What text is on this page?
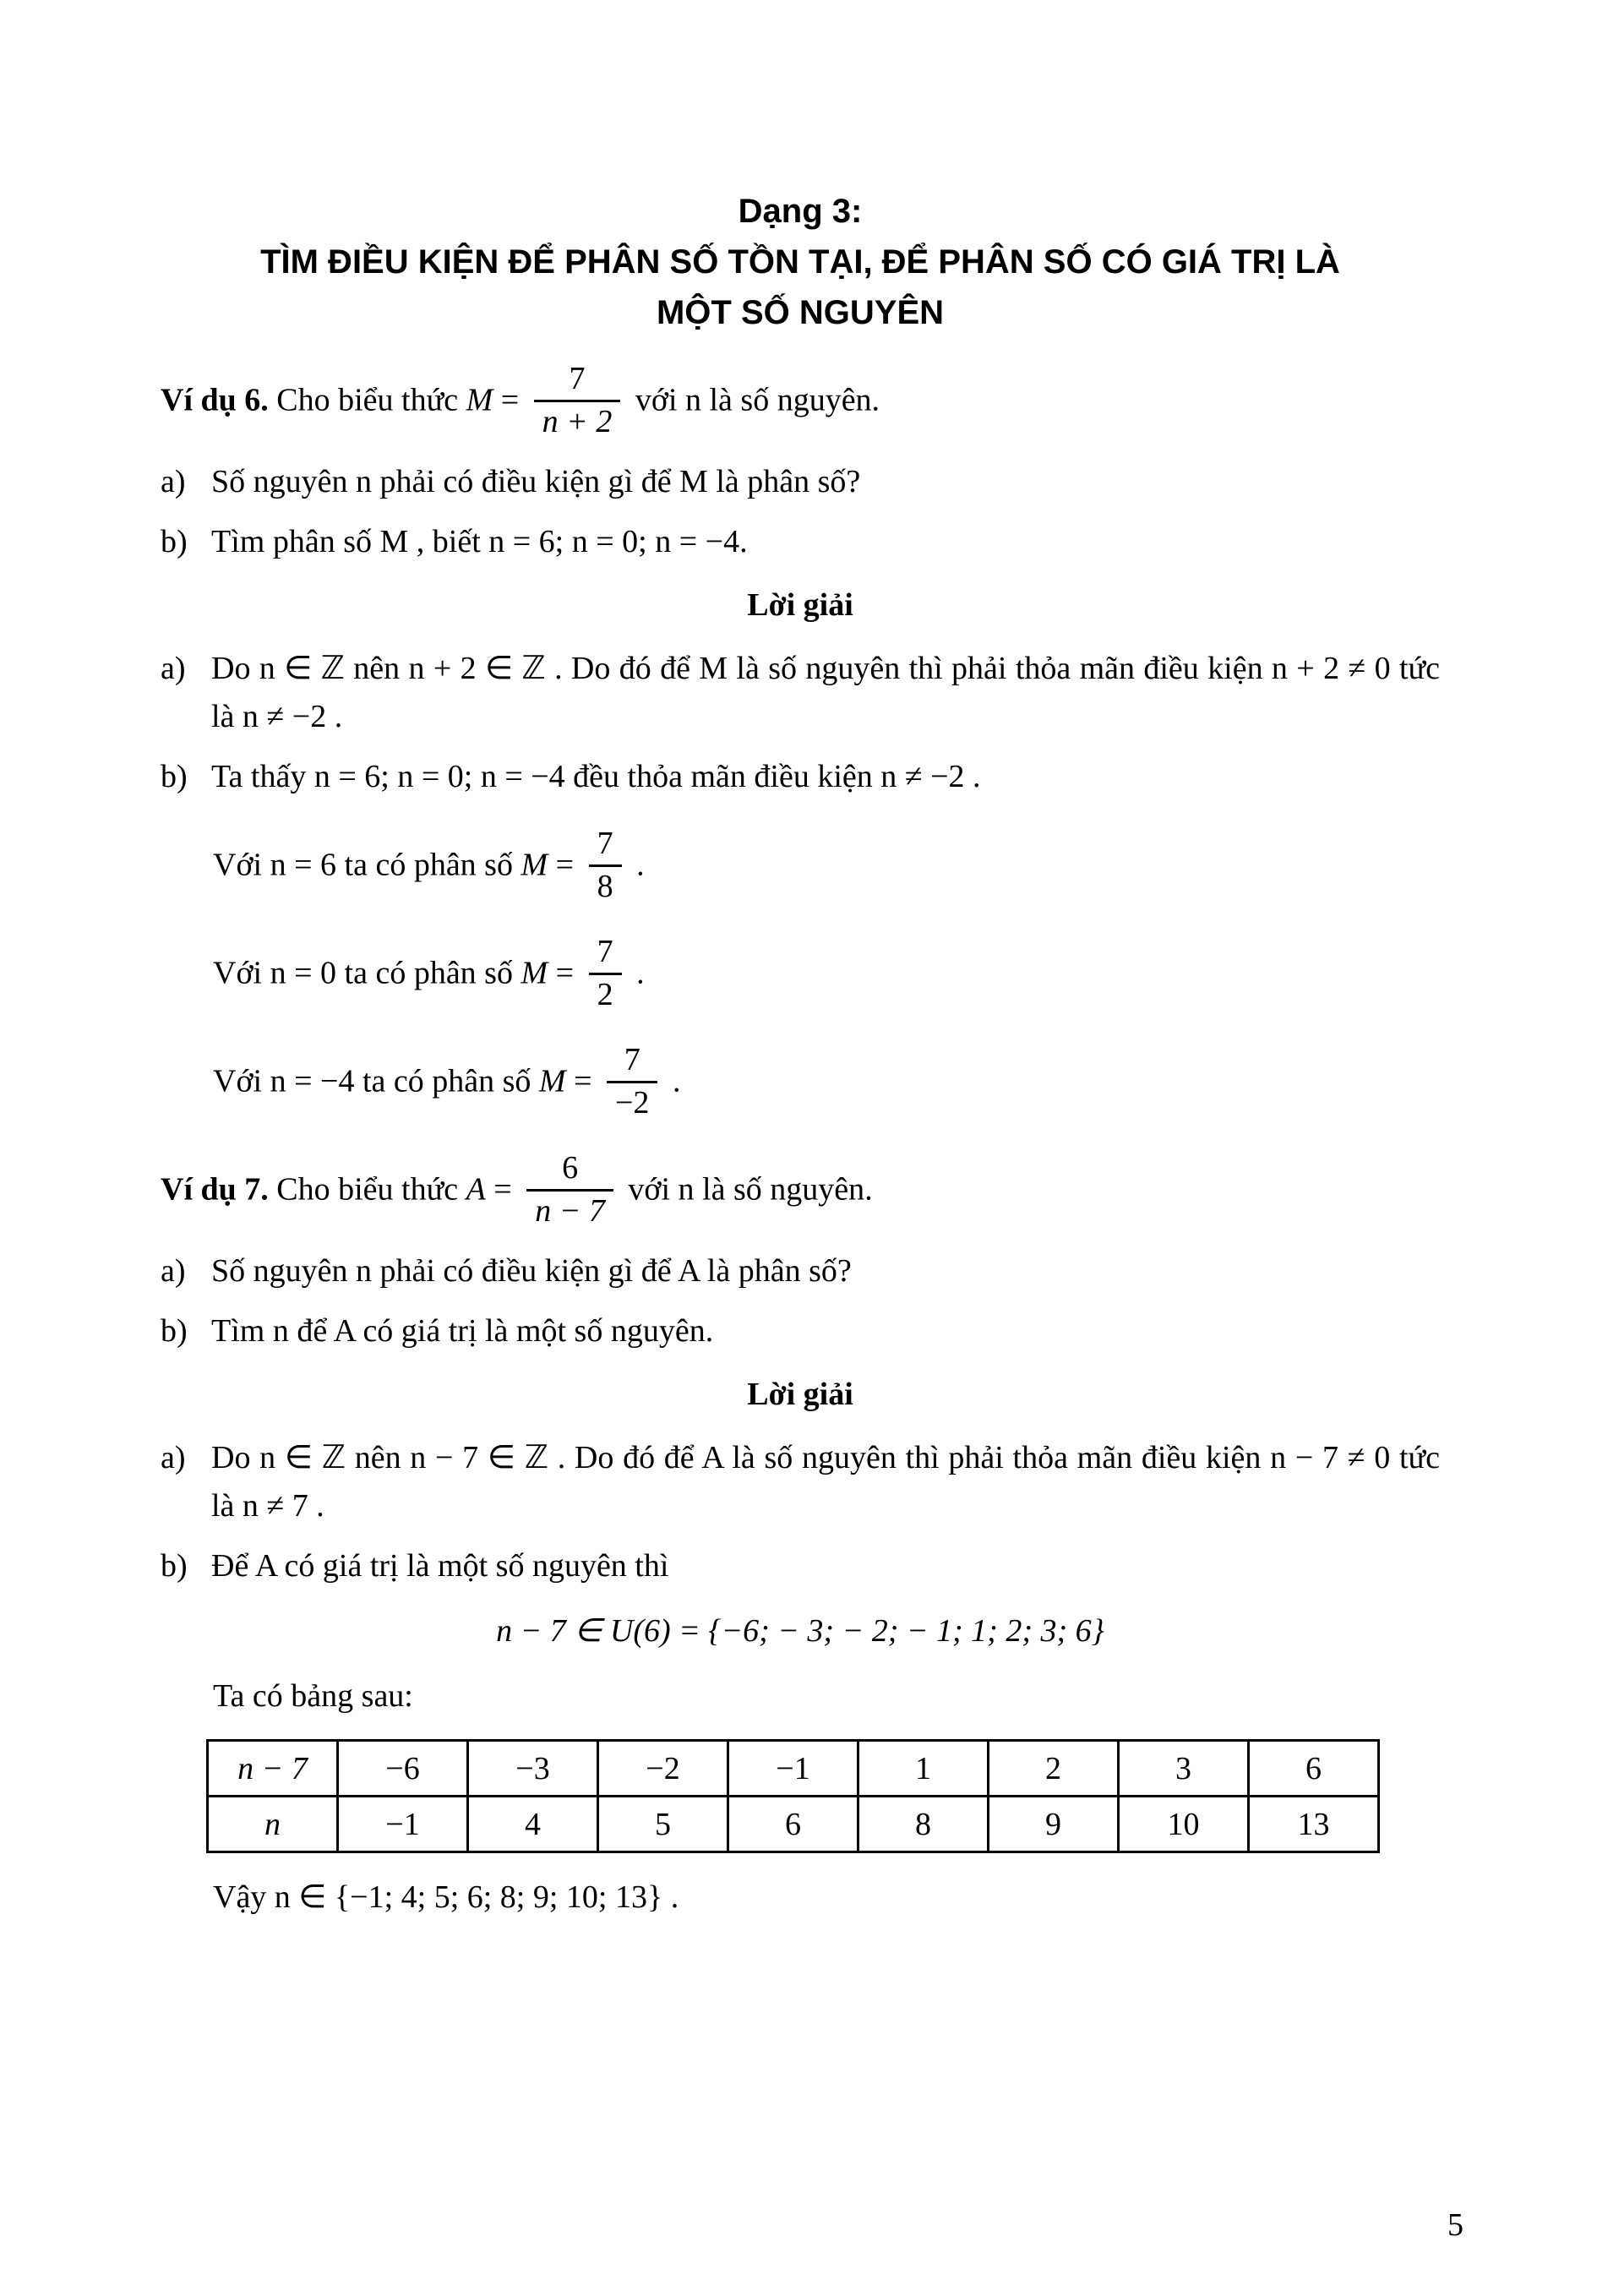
Dạng 3:
TÌM ĐIỀU KIỆN ĐỂ PHÂN SỐ TỒN TẠI, ĐỂ PHÂN SỐ CÓ GIÁ TRỊ LÀ
MỘT SỐ NGUYÊN

Ví dụ 6. Cho biểu thức $M = \frac{7}{n + 2}$ với n là số nguyên.

a) Số nguyên n phải có điều kiện gì để M là phân số?
b) Tìm phân số M , biết n = 6; n = 0; n = −4.

Lời giải

a) Do n ∈ ℤ nên n + 2 ∈ ℤ . Do đó để M là số nguyên thì phải thỏa mãn điều kiện n + 2 ≠ 0 tức là n ≠ −2 .
b) Ta thấy n = 6; n = 0; n = −4 đều thỏa mãn điều kiện n ≠ −2 .
Với n = 6 ta có phân số $M = \frac{7}{8}$ .
Với n = 0 ta có phân số $M = \frac{7}{2}$ .
Với n = −4 ta có phân số $M = \frac{7}{-2}$ .

Ví dụ 7. Cho biểu thức $A = \frac{6}{n - 7}$ với n là số nguyên.

a) Số nguyên n phải có điều kiện gì để A là phân số?
b) Tìm n để A có giá trị là một số nguyên.

Lời giải

a) Do n ∈ ℤ nên n − 7 ∈ ℤ . Do đó để A là số nguyên thì phải thỏa mãn điều kiện n − 7 ≠ 0 tức là n ≠ 7 .
b) Để A có giá trị là một số nguyên thì

n − 7 ∈ U(6) = {−6; − 3; − 2; − 1; 1; 2; 3; 6}

Ta có bảng sau:

n − 7	−6	−3	−2	−1	1	2	3	6
n	−1	4	5	6	8	9	10	13

Vậy n ∈ {−1; 4; 5; 6; 8; 9; 10; 13} .

5
